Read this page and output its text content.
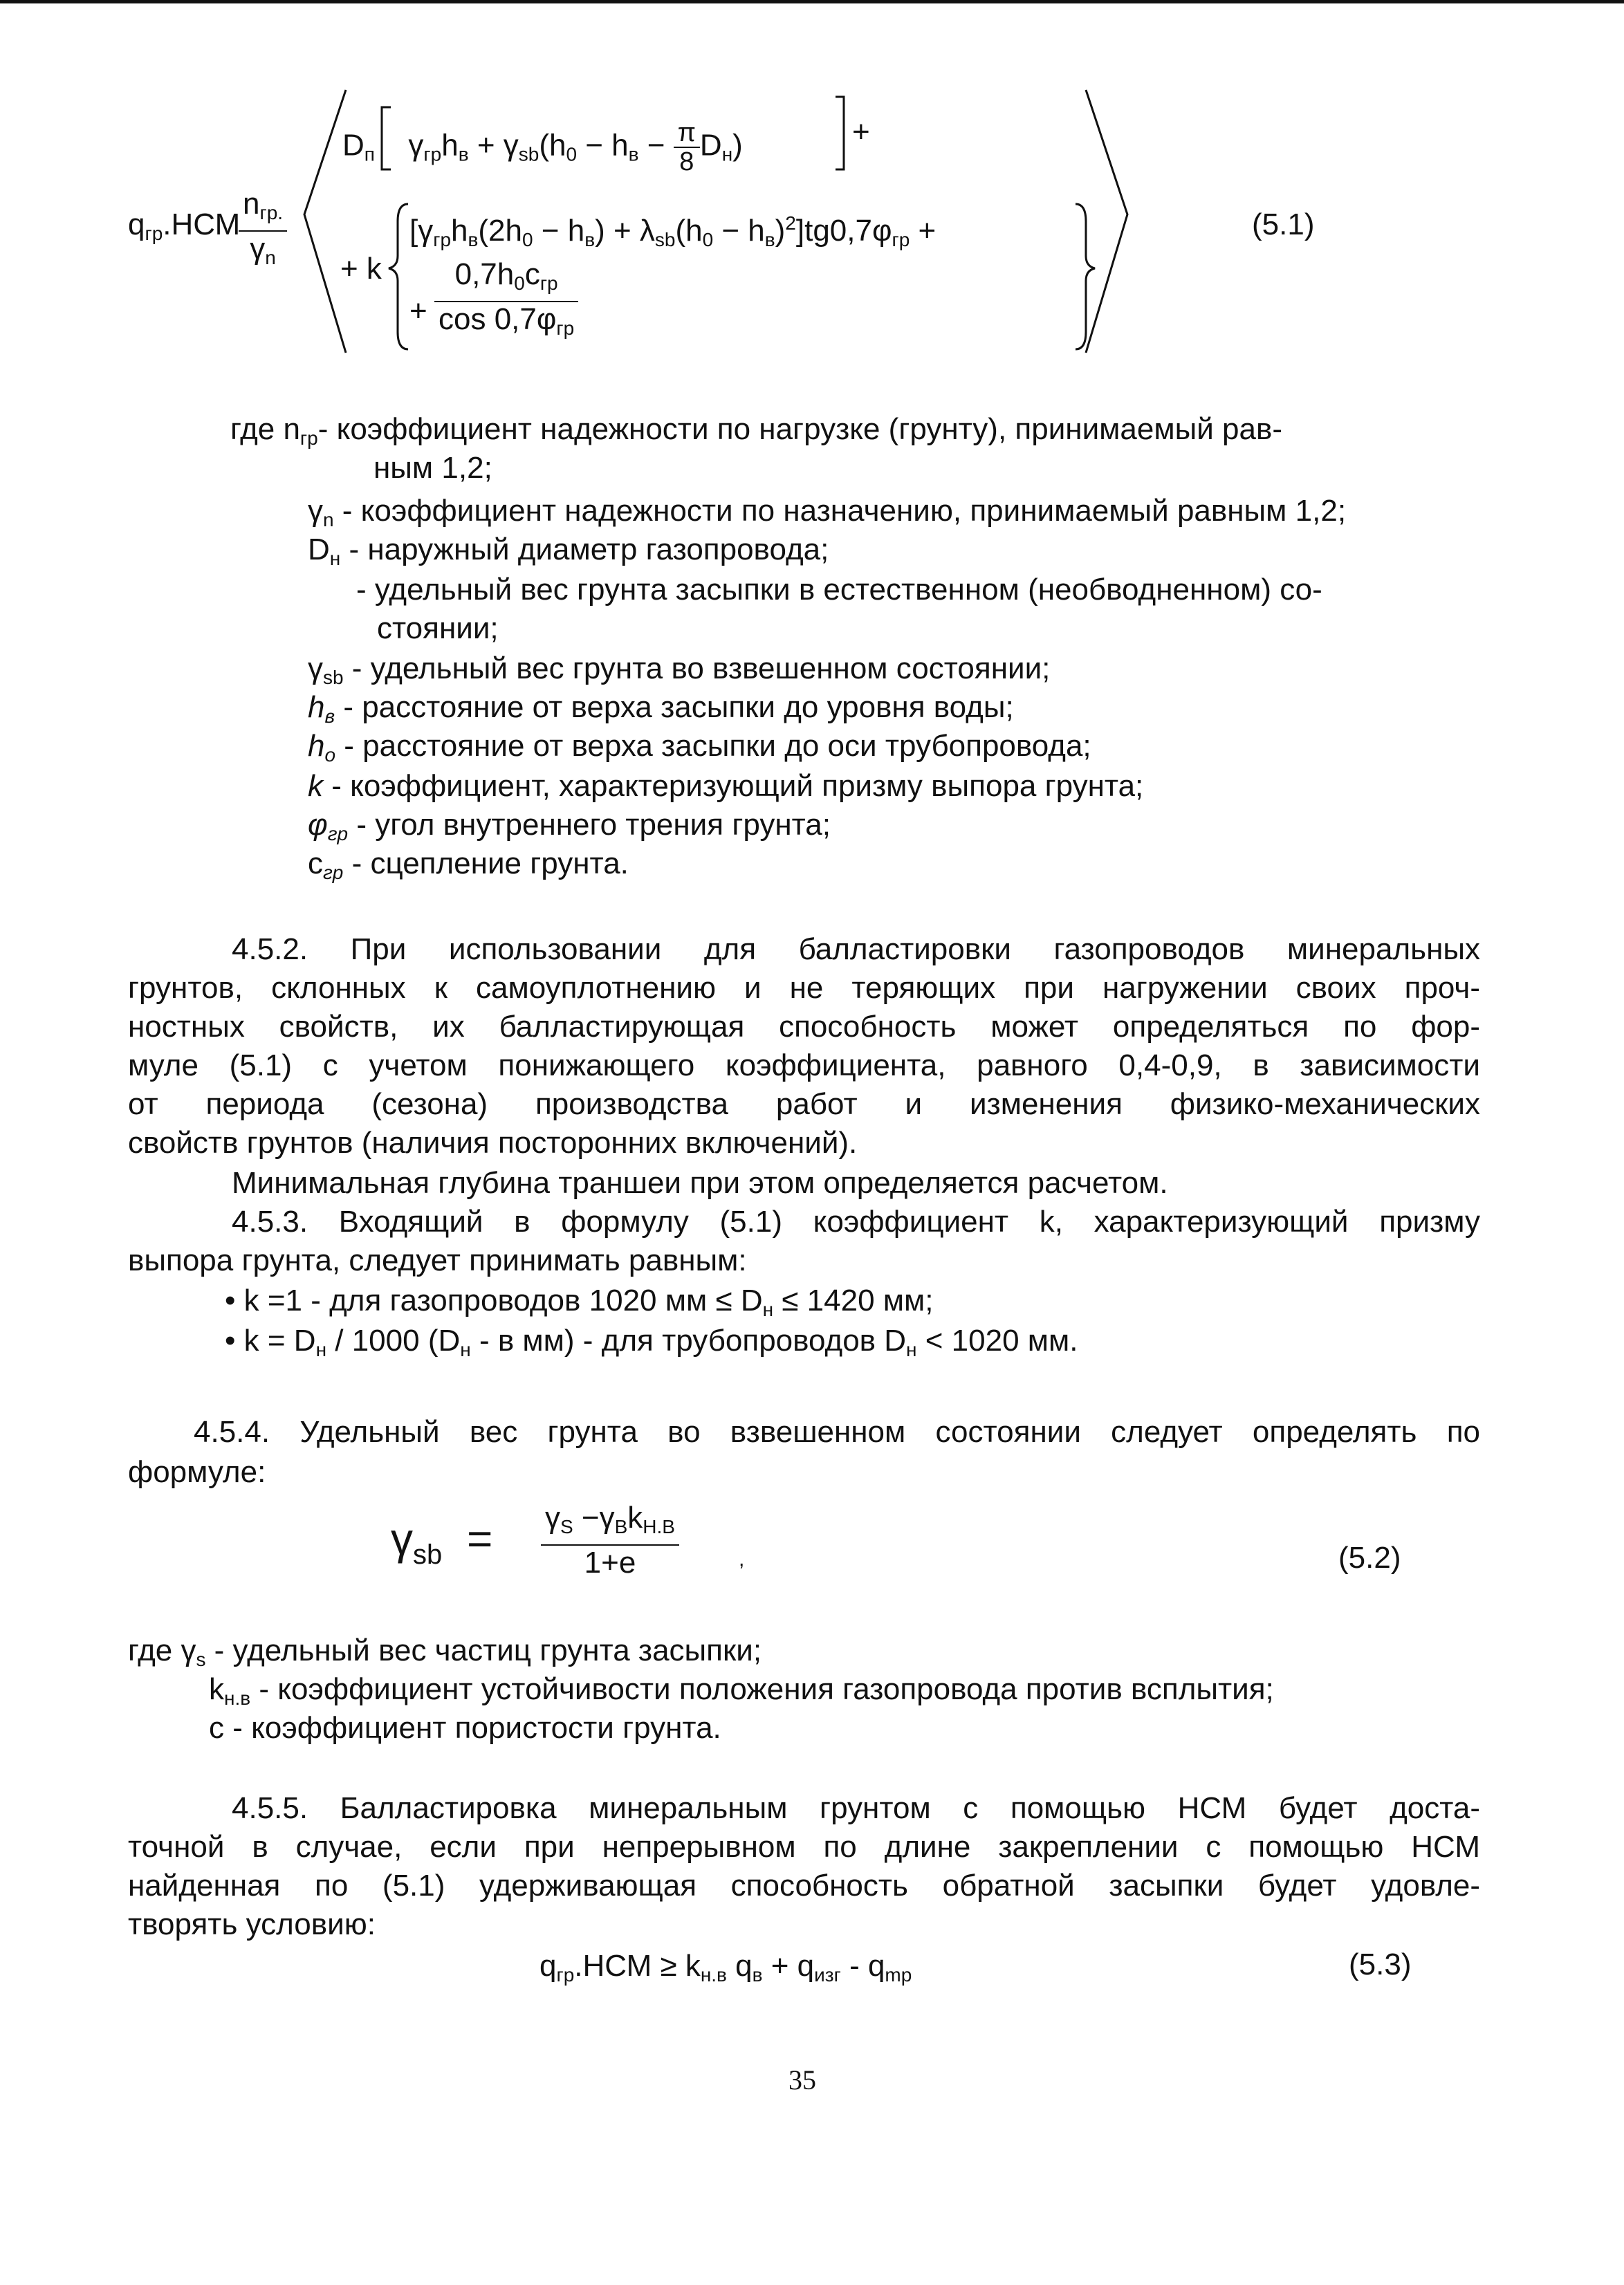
$q_{гр}.НСМ$
$\frac{n_{гр.}}{\gamma_n}$
$D_п$ $\gamma_{гр}h_в + \gamma_{sb}(h_0 - h_в - \frac{\pi}{8} D_н)$	+
+ k
$[\gamma_{гр}h_в(2h_0 - h_в) + \lambda_{sb}(h_0 - h_в)^2]tg0,7\varphi_{гр}$ +
+ $\frac{0,7h_0c_{гр}}{\cos 0,7\varphi_{гр}}$
(5.1)
где $n_{гр}-$ коэффициент надежности по нагрузке (грунту), принимаемый рав-
ным 1,2;
$\gamma_n$ - коэффициент надежности по назначению, принимаемый равным 1,2;
$D_н$ - наружный диаметр газопровода;
- удельный вес грунта засыпки в естественном (необводненном) со-
стоянии;
$\gamma_{sb}$ - удельный вес грунта во взвешенном состоянии;
$h_в$ - расстояние от верха засыпки до уровня воды;
$h_о$ - расстояние от верха засыпки до оси трубопровода;
k - коэффициент, характеризующий призму выпора грунта;
$\varphi_{гр}$ - угол внутреннего трения грунта;
$с_{гр}$ - сцепление грунта.
4.5.2. При использовании для балластировки газопроводов минеральных
грунтов, склонных к самоуплотнению и не теряющих при нагружении своих проч-
ностных свойств, их балластирующая способность может определяться по фор-
муле (5.1) с учетом понижающего коэффициента, равного 0,4-0,9, в зависимости
от периода (сезона) производства работ и изменения физико-механических
свойств грунтов (наличия посторонних включений).
Минимальная глубина траншеи при этом определяется расчетом.
4.5.3. Входящий в формулу (5.1) коэффициент k, характеризующий призму
выпора грунта, следует принимать равным:
• k =1 - для газопроводов 1020 мм ≤ $D_н \le 1420$ мм;
• $k = D_н / 1000$ ($D_н$ - в мм) - для трубопроводов $D_н < 1020$ мм.
4.5.4. Удельный вес грунта во взвешенном состоянии следует определять по
формуле:
$\gamma_{sb} = \frac{\gamma_S -\gamma_Bk_{Н.В}}{1+e}$	,	(5.2)
где $\gamma_s$ - удельный вес частиц грунта засыпки;
$k_{н.в}$ - коэффициент устойчивости положения газопровода против всплытия;
с - коэффициент пористости грунта.
4.5.5. Балластировка минеральным грунтом с помощью НСМ будет доста-
точной в случае, если при непрерывном по длине закреплении с помощью НСМ
найденная по (5.1) удерживающая способность обратной засыпки будет удовле-
творять условию:
$q_{гр}.НСМ \ge k_{н.в}$ $q_в + q_{изг} - q_{mp}$	(5.3)
35
